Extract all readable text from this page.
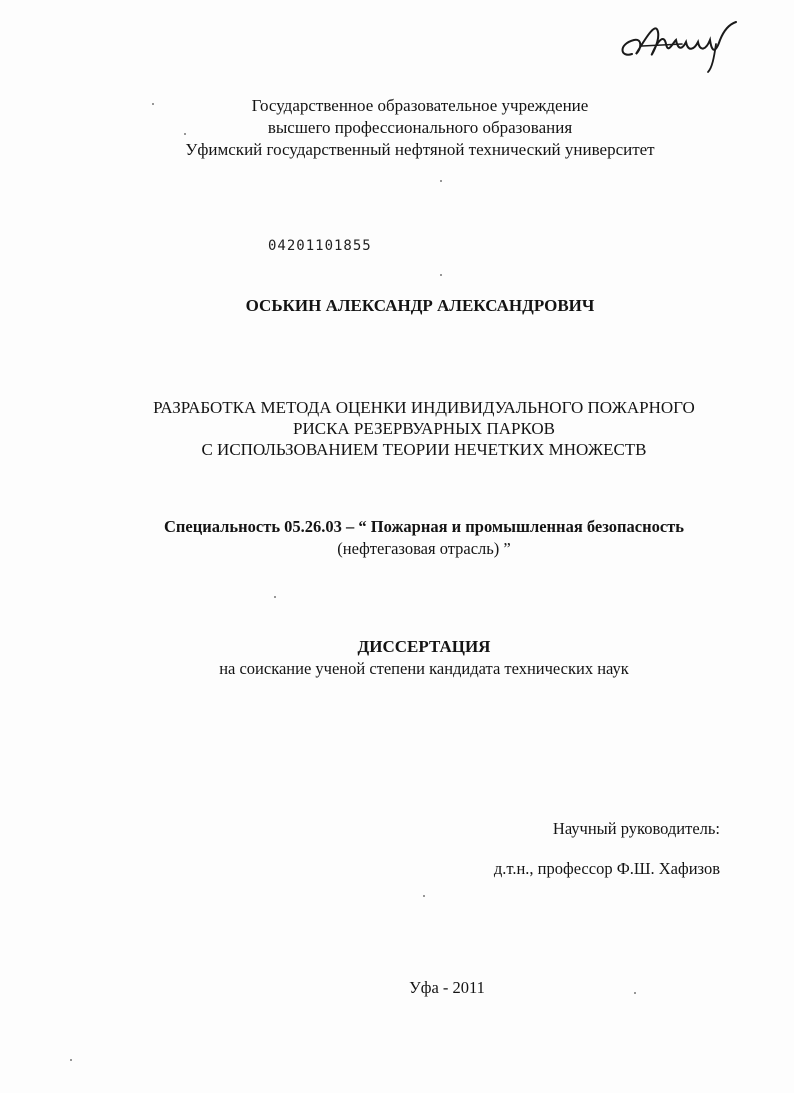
Государственное образовательное учреждение
высшего профессионального образования
Уфимский государственный нефтяной технический университет
04201101855
ОСЬКИН АЛЕКСАНДР АЛЕКСАНДРОВИЧ
РАЗРАБОТКА МЕТОДА ОЦЕНКИ ИНДИВИДУАЛЬНОГО ПОЖАРНОГО
РИСКА РЕЗЕРВУАРНЫХ ПАРКОВ
С ИСПОЛЬЗОВАНИЕМ ТЕОРИИ НЕЧЕТКИХ МНОЖЕСТВ
Специальность 05.26.03 – “ Пожарная и промышленная безопасность
(нефтегазовая отрасль) ”
ДИССЕРТАЦИЯ
на соискание ученой степени кандидата технических наук
Научный руководитель:
д.т.н., профессор Ф.Ш. Хафизов
Уфа - 2011
